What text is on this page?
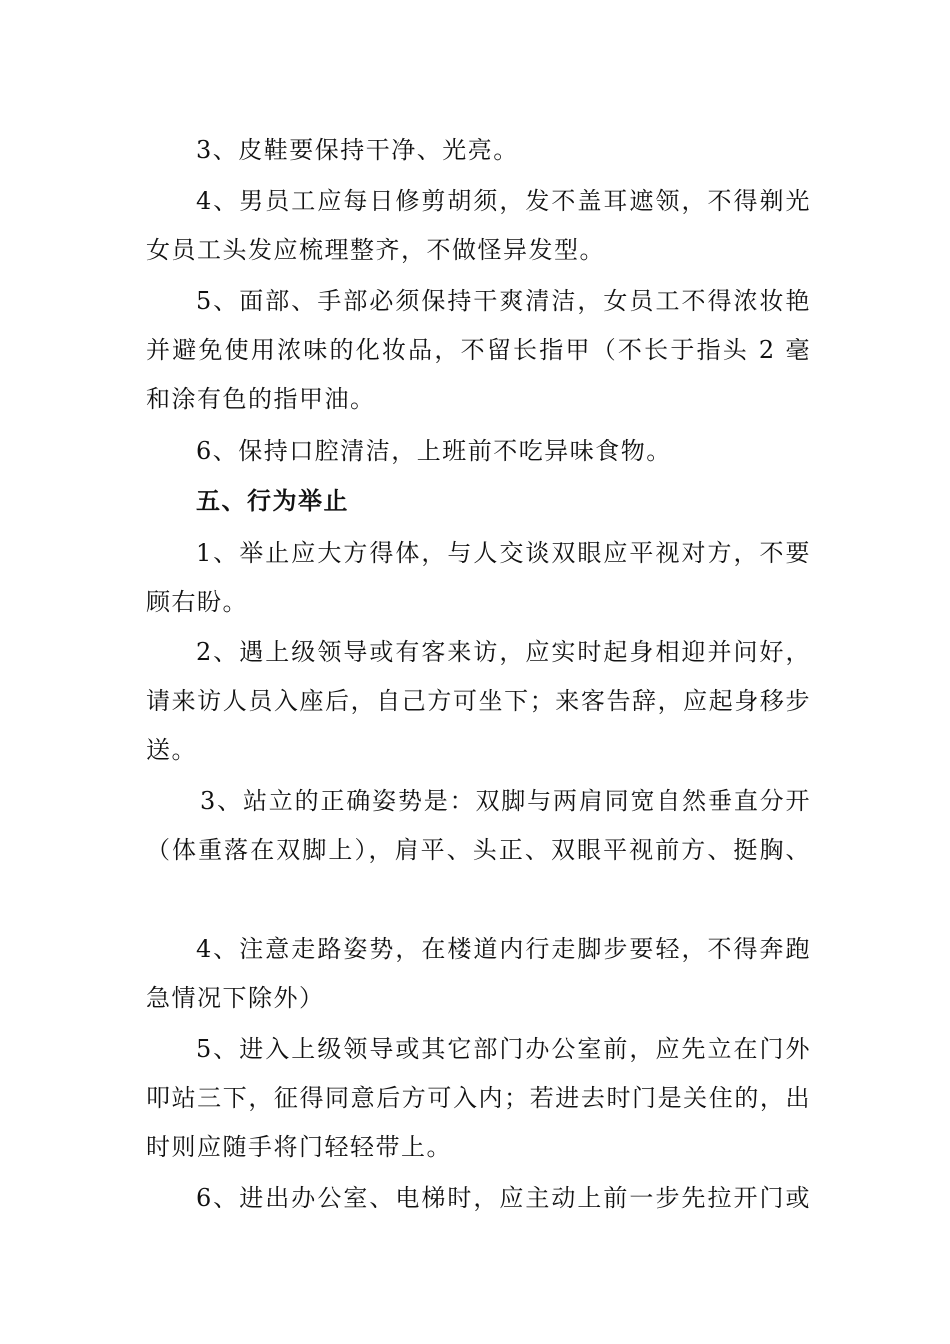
3、皮鞋要保持干净、光亮。
4、男员工应每日修剪胡须，发不盖耳遮领，不得剃光
女员工头发应梳理整齐，不做怪异发型。
5、面部、手部必须保持干爽清洁，女员工不得浓妆艳
并避免使用浓味的化妆品，不留长指甲（不长于指头 2 毫
和涂有色的指甲油。
6、保持口腔清洁，上班前不吃异味食物。
五、行为举止
1、举止应大方得体，与人交谈双眼应平视对方，不要
顾右盼。
2、遇上级领导或有客来访，应实时起身相迎并问好，
请来访人员入座后，自己方可坐下；来客告辞，应起身移步
送。
3、站立的正确姿势是：双脚与两肩同宽自然垂直分开
（体重落在双脚上），肩平、头正、双眼平视前方、挺胸、
4、注意走路姿势，在楼道内行走脚步要轻，不得奔跑
急情况下除外）
5、进入上级领导或其它部门办公室前，应先立在门外
叩站三下，征得同意后方可入内；若进去时门是关住的，出
时则应随手将门轻轻带上。
6、进出办公室、电梯时，应主动上前一步先拉开门或
